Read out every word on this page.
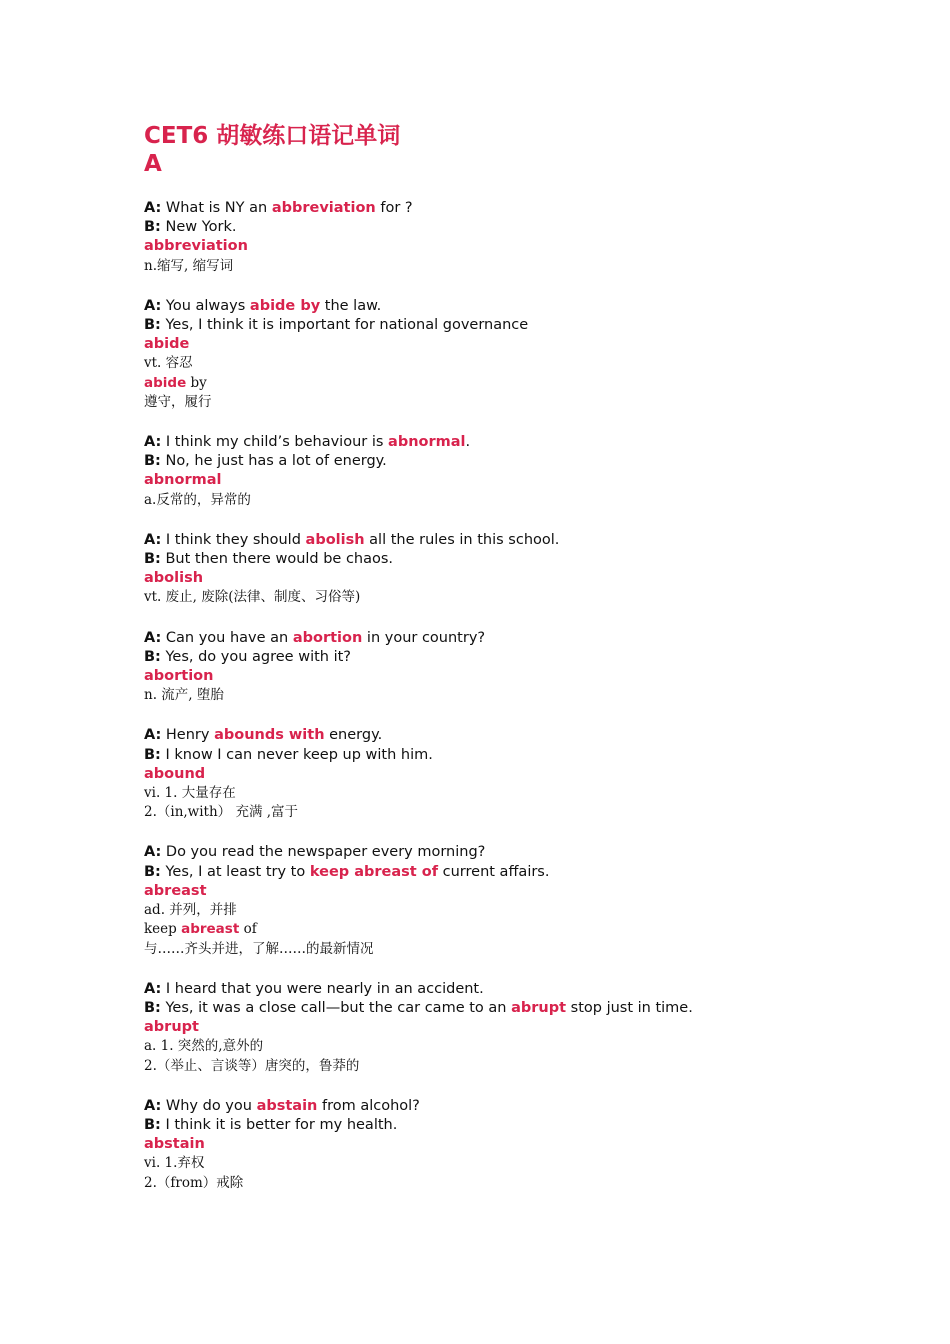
CET6 胡敏练口语记单词
A
A: What is NY an abbreviation for ?
B: New York.
abbreviation
n.缩写, 缩写词
A: You always abide by the law.
B: Yes, I think it is important for national governance
abide
vt. 容忍
abide by
遵守，履行
A: I think my child’s behaviour is abnormal.
B: No, he just has a lot of energy.
abnormal
a.反常的，异常的
A: I think they should abolish all the rules in this school.
B: But then there would be chaos.
abolish
vt. 废止, 废除(法律、制度、习俗等)
A: Can you have an abortion in your country?
B: Yes, do you agree with it?
abortion
n. 流产, 堕胎
A: Henry abounds with energy.
B: I know I can never keep up with him.
abound
vi. 1. 大量存在
2.（in,with） 充满 ,富于
A: Do you read the newspaper every morning?
B: Yes, I at least try to keep abreast of current affairs.
abreast
ad. 并列，并排
keep abreast of
与……齐头并进，了解……的最新情况
A: I heard that you were nearly in an accident.
B: Yes, it was a close call—but the car came to an abrupt stop just in time.
abrupt
a. 1. 突然的,意外的
2.（举止、言谈等）唐突的，鲁莽的
A: Why do you abstain from alcohol?
B: I think it is better for my health.
abstain
vi. 1.弃权
2.（from）戒除
